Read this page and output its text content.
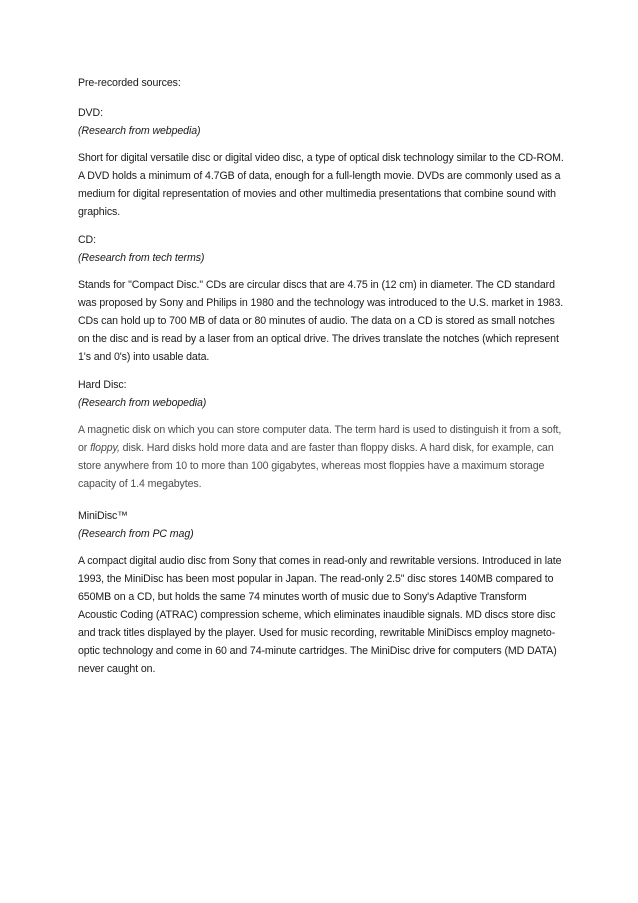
Pre-recorded sources:

DVD:
(Research from webpedia)

Short for digital versatile disc or digital video disc, a type of optical disk technology similar to the CD-ROM. A DVD holds a minimum of 4.7GB of data, enough for a full-length movie. DVDs are commonly used as a medium for digital representation of movies and other multimedia presentations that combine sound with graphics.

CD:
(Research from tech terms)

Stands for "Compact Disc." CDs are circular discs that are 4.75 in (12 cm) in diameter. The CD standard was proposed by Sony and Philips in 1980 and the technology was introduced to the U.S. market in 1983. CDs can hold up to 700 MB of data or 80 minutes of audio. The data on a CD is stored as small notches on the disc and is read by a laser from an optical drive. The drives translate the notches (which represent 1's and 0's) into usable data.

Hard Disc:
(Research from webopedia)

A magnetic disk on which you can store computer data. The term hard is used to distinguish it from a soft, or floppy, disk. Hard disks hold more data and are faster than floppy disks. A hard disk, for example, can store anywhere from 10 to more than 100 gigabytes, whereas most floppies have a maximum storage capacity of 1.4 megabytes.

MiniDisc™
(Research from PC mag)

A compact digital audio disc from Sony that comes in read-only and rewritable versions. Introduced in late 1993, the MiniDisc has been most popular in Japan. The read-only 2.5" disc stores 140MB compared to 650MB on a CD, but holds the same 74 minutes worth of music due to Sony's Adaptive Transform Acoustic Coding (ATRAC) compression scheme, which eliminates inaudible signals. MD discs store disc and track titles displayed by the player. Used for music recording, rewritable MiniDiscs employ magneto-optic technology and come in 60 and 74-minute cartridges. The MiniDisc drive for computers (MD DATA) never caught on.
